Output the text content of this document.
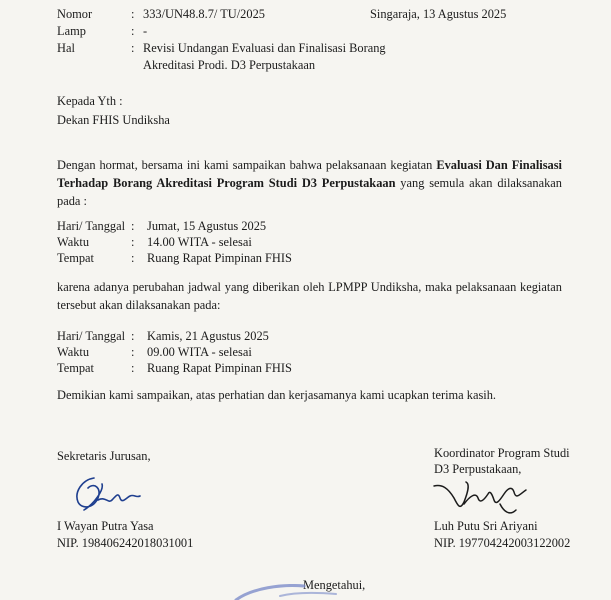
Nomor	: 333/UN48.8.7/ TU/2025	Singaraja, 13 Agustus 2025
Lamp	: -
Hal	: Revisi Undangan Evaluasi dan Finalisasi Borang
Akreditasi Prodi. D3 Perpustakaan
Kepada Yth :
Dekan FHIS Undiksha
Dengan hormat, bersama ini kami sampaikan bahwa pelaksanaan kegiatan Evaluasi Dan Finalisasi Terhadap Borang Akreditasi Program Studi D3 Perpustakaan yang semula akan dilaksanakan pada :
Hari/ Tanggal : Jumat, 15 Agustus 2025
Waktu	: 14.00 WITA - selesai
Tempat	: Ruang Rapat Pimpinan FHIS
karena adanya perubahan jadwal yang diberikan oleh LPMPP Undiksha, maka pelaksanaan kegiatan tersebut akan dilaksanakan pada:
Hari/ Tanggal : Kamis, 21 Agustus 2025
Waktu	: 09.00 WITA - selesai
Tempat	: Ruang Rapat Pimpinan FHIS
Demikian kami sampaikan, atas perhatian dan kerjasamanya kami ucapkan terima kasih.
Sekretaris Jurusan,
I Wayan Putra Yasa
NIP. 198406242018031001
Koordinator Program Studi
D3 Perpustakaan,
Luh Putu Sri Ariyani
NIP. 197704242003122002
Mengetahui,
